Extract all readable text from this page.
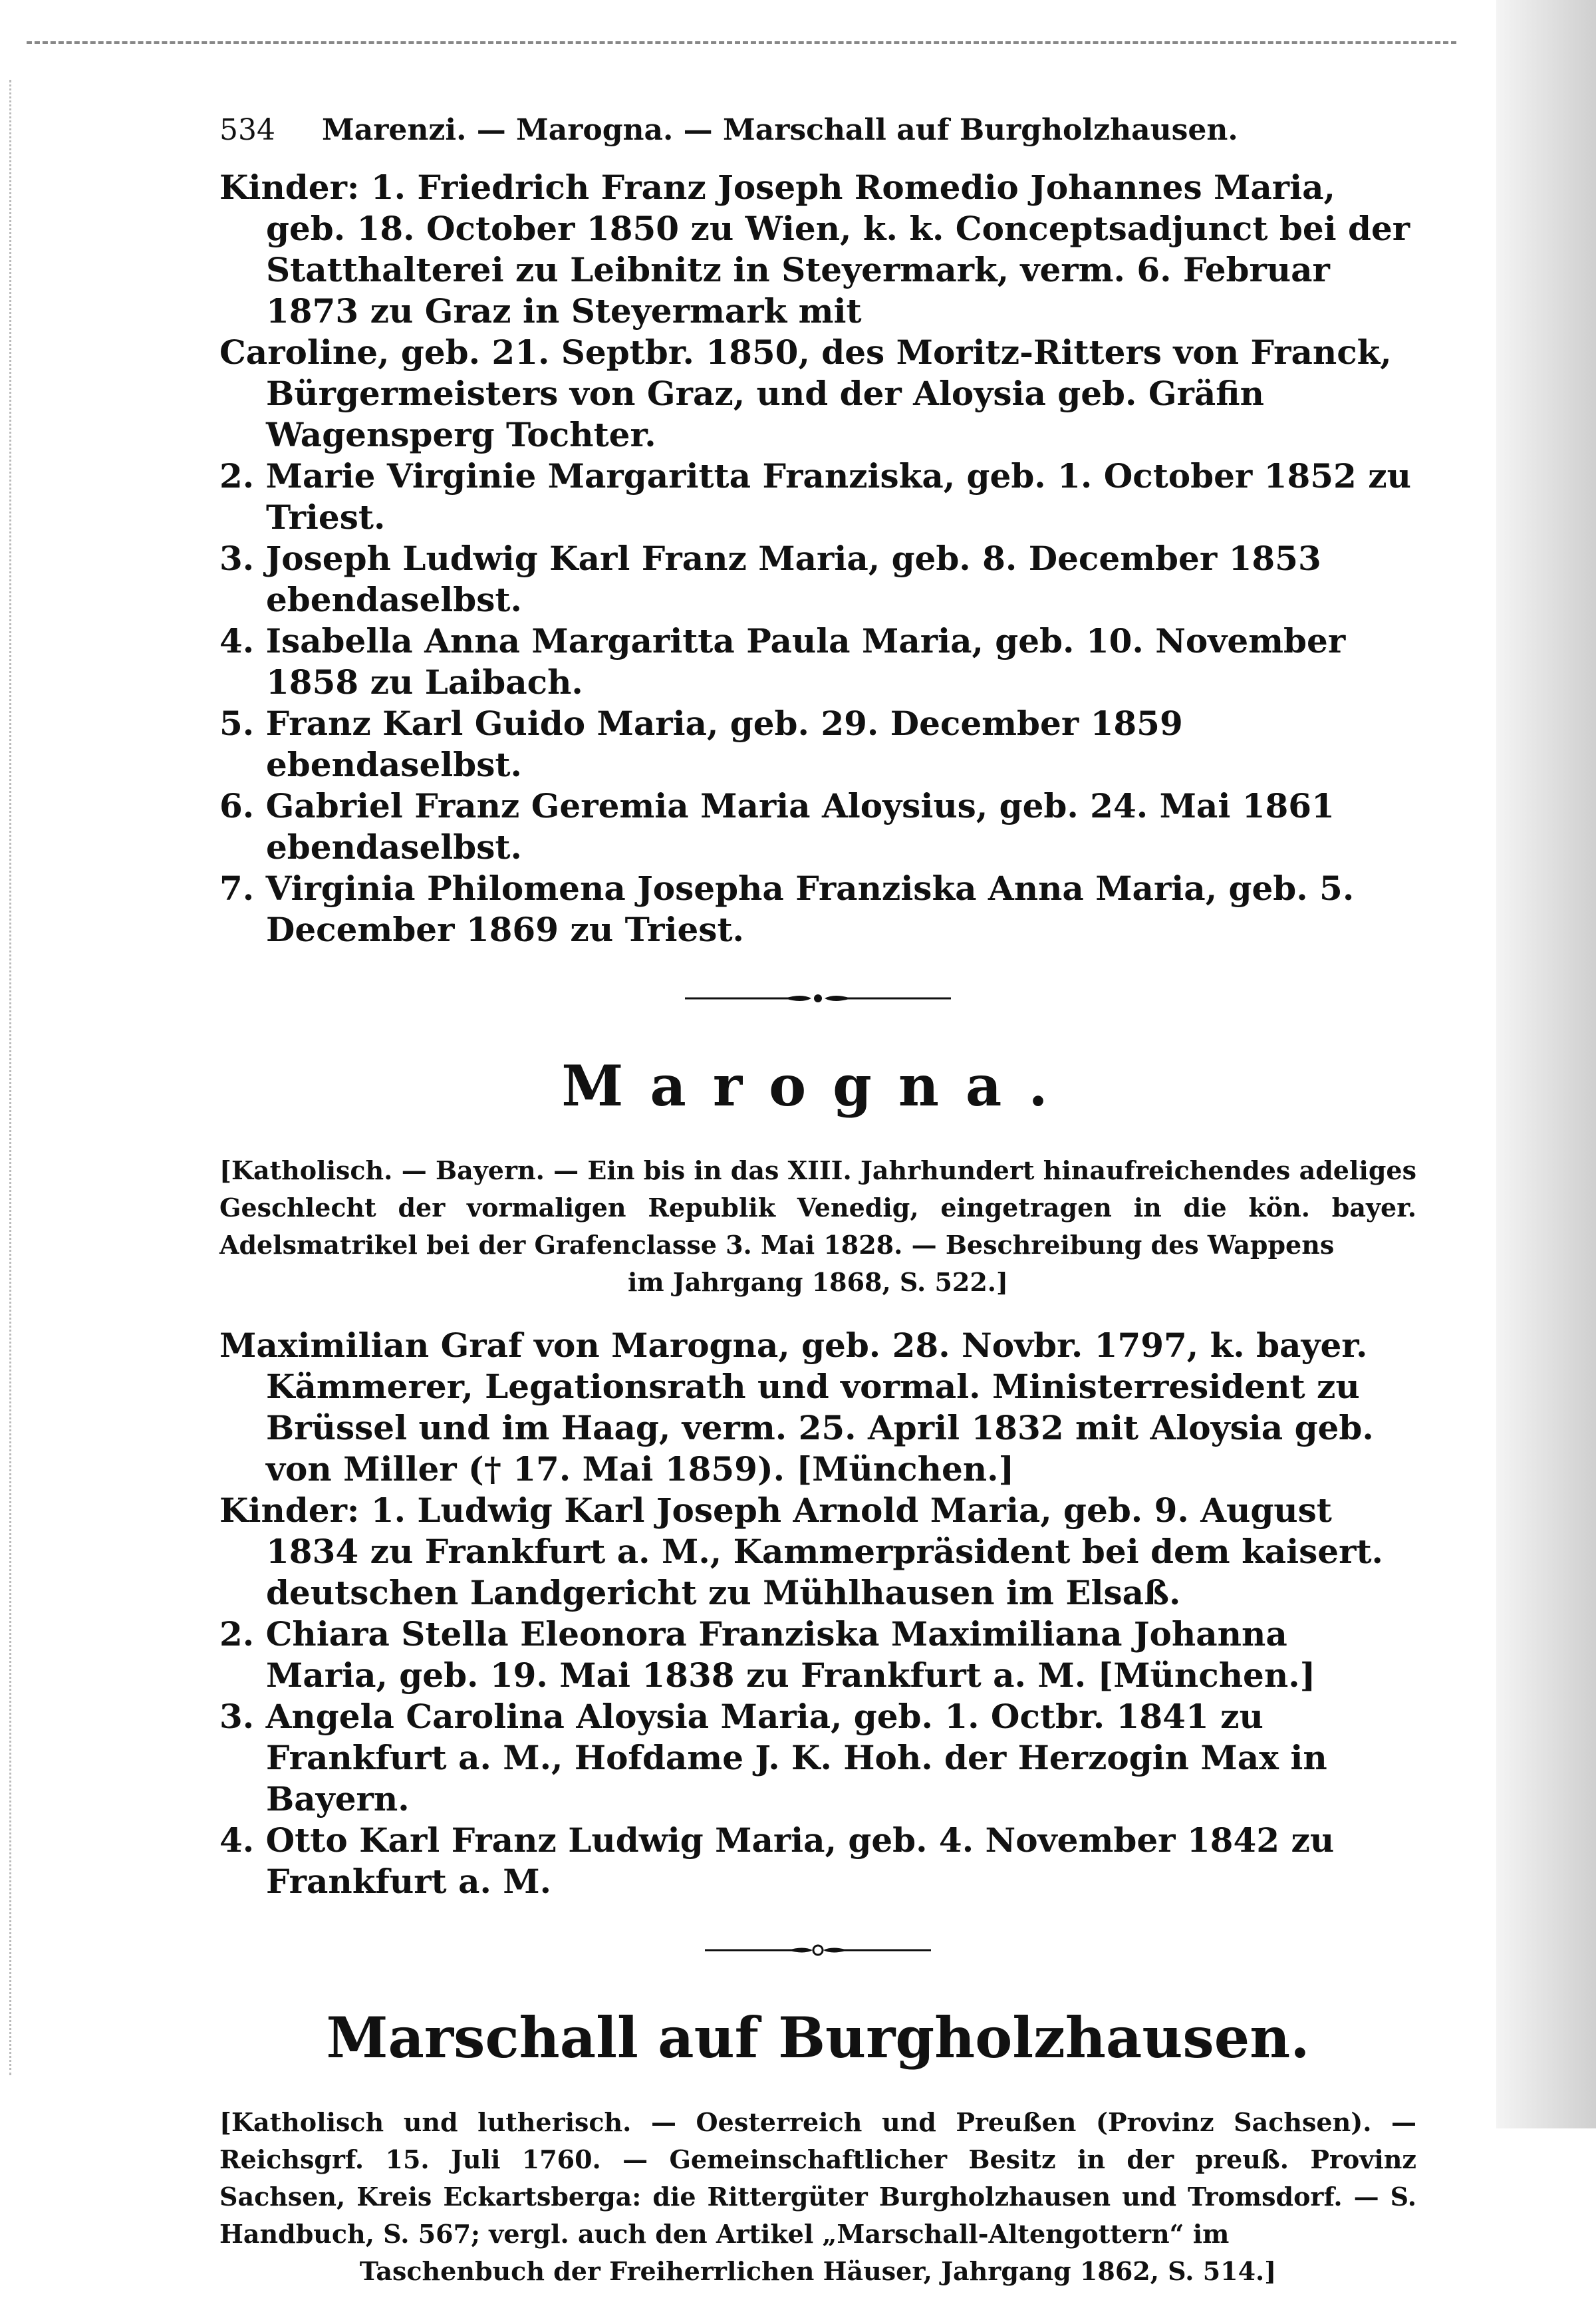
534 Marenzi. — Marogna. — Marschall auf Burgholzhausen.

Kinder: 1. Friedrich Franz Joseph Romedio Johannes Maria, geb. 18. October 1850 zu Wien, k. k. Conceptsadjunct bei der Statthalterei zu Leibnitz in Steyermark, verm. 6. Februar 1873 zu Graz in Steyermark mit

Caroline, geb. 21. Septbr. 1850, des Moritz-Ritters von Franck, Bürgermeisters von Graz, und der Aloysia geb. Gräfin Wagensperg Tochter.

2. Marie Virginie Margaritta Franziska, geb. 1. October 1852 zu Triest.

3. Joseph Ludwig Karl Franz Maria, geb. 8. December 1853 ebendaselbst.

4. Isabella Anna Margaritta Paula Maria, geb. 10. November 1858 zu Laibach.

5. Franz Karl Guido Maria, geb. 29. December 1859 ebendaselbst.

6. Gabriel Franz Geremia Maria Aloysius, geb. 24. Mai 1861 ebendaselbst.

7. Virginia Philomena Josepha Franziska Anna Maria, geb. 5. December 1869 zu Triest.

Marogna.

[Katholisch. — Bayern. — Ein bis in das XIII. Jahrhundert hinaufreichendes adeliges Geschlecht der vormaligen Republik Venedig, eingetragen in die kön. bayer. Adelsmatrikel bei der Grafenclasse 3. Mai 1828. — Beschreibung des Wappens
im Jahrgang 1868, S. 522.]

Maximilian Graf von Marogna, geb. 28. Novbr. 1797, k. bayer. Kämmerer, Legationsrath und vormal. Ministerresident zu Brüssel und im Haag, verm. 25. April 1832 mit Aloysia geb. von Miller († 17. Mai 1859). [München.]

Kinder: 1. Ludwig Karl Joseph Arnold Maria, geb. 9. August 1834 zu Frankfurt a. M., Kammerpräsident bei dem kaisert. deutschen Landgericht zu Mühlhausen im Elsaß.

2. Chiara Stella Eleonora Franziska Maximiliana Johanna Maria, geb. 19. Mai 1838 zu Frankfurt a. M. [München.]

3. Angela Carolina Aloysia Maria, geb. 1. Octbr. 1841 zu Frankfurt a. M., Hofdame J. K. Hoh. der Herzogin Max in Bayern.

4. Otto Karl Franz Ludwig Maria, geb. 4. November 1842 zu Frankfurt a. M.

Marschall auf Burgholzhausen.

[Katholisch und lutherisch. — Oesterreich und Preußen (Provinz Sachsen). — Reichsgrf. 15. Juli 1760. — Gemeinschaftlicher Besitz in der preuß. Provinz Sachsen, Kreis Eckartsberga: die Rittergüter Burgholzhausen und Tromsdorf. — S. Handbuch, S. 567; vergl. auch den Artikel „Marschall-Altengottern“ im
Taschenbuch der Freiherrlichen Häuser, Jahrgang 1862, S. 514.]
